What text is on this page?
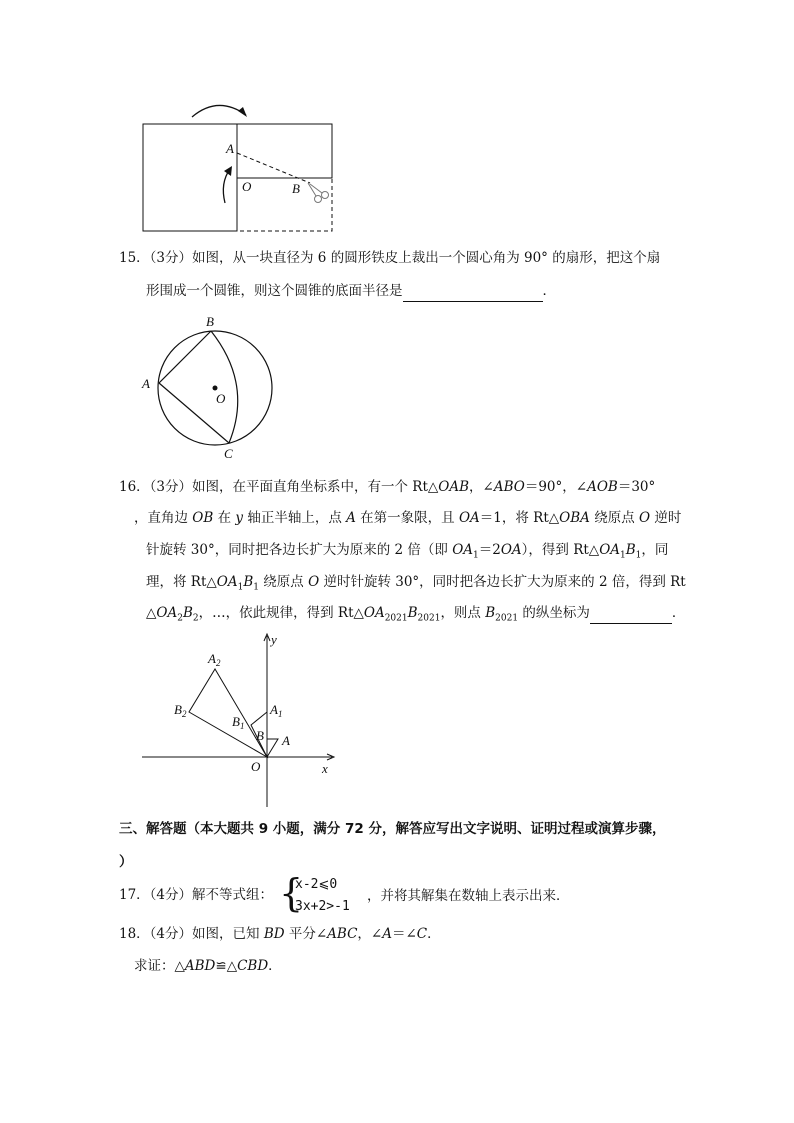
A
O	B
15．（3分）如图，从一块直径为 6 的圆形铁皮上裁出一个圆心角为 90° 的扇形，把这个扇
形围成一个圆锥，则这个圆锥的底面半径是	．
B
A
O
C
16．（3分）如图，在平面直角坐标系中，有一个 Rt△OAB，∠ABO＝90°，∠AOB＝30°
，直角边 OB 在 y 轴正半轴上，点 A 在第一象限，且 OA＝1，将 Rt△OBA 绕原点 O 逆时
针旋转 30°，同时把各边长扩大为原来的 2 倍（即 $OA_1=2OA$），得到 $Rt\triangle OA_1B_1$，同
理，将 $Rt\triangle OA_1B_1$ 绕原点 O 逆时针旋转 30°，同时把各边长扩大为原来的 2 倍，得到 Rt
$\triangle OA_2B_2$，…，依此规律，得到 $Rt\triangle OA_{2021}B_{2021}$，则点 $B_{2021}$ 的纵坐标为	．
y
x
O
A
B
$A_1$
$B_1$
$A_2$
$B_2$
三、解答题（本大题共 9 小题，满分 72 分，解答应写出文字说明、证明过程或演算步骤，
）
17．（4分）解不等式组： {
x-2⩽0
3x+2>-1
，并将其解集在数轴上表示出来．
18．（4分）如图，已知 BD 平分∠ABC，∠A＝∠C．
求证：△ABD≌△CBD．
